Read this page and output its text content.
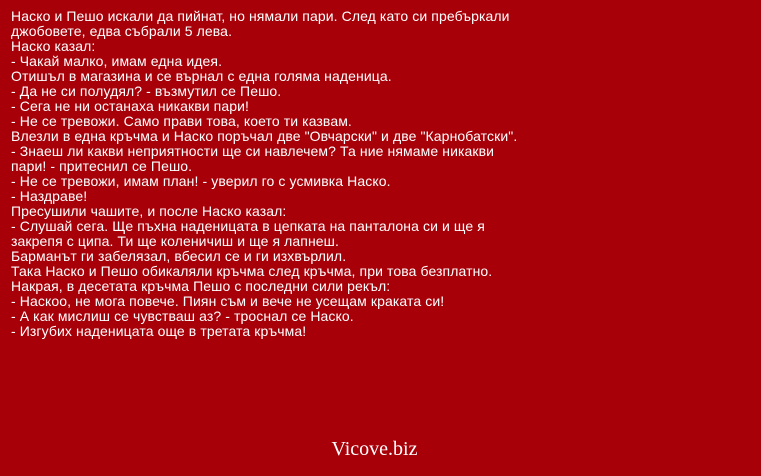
Наско и Пешо искали да пийнат, но нямали пари. След като си пребъркали
джобовете, едва събрали 5 лева.
Наско казал:
- Чакай малко, имам една идея.
Отишъл в магазина и се върнал с една голяма наденица.
- Да не си полудял? - възмутил се Пешо.
- Сега не ни останаха никакви пари!
- Не се тревожи. Само прави това, което ти казвам.
Влезли в една кръчма и Наско поръчал две "Овчарски" и две "Карнобатски".
- Знаеш ли какви неприятности ще си навлечем? Та ние нямаме никакви
пари! - притеснил се Пешо.
- Не се тревожи, имам план! - уверил го с усмивка Наско.
- Наздраве!
Пресушили чашите, и после Наско казал:
- Слушай сега. Ще пъхна наденицата в цепката на панталона си и ще я
закрепя с ципа. Ти ще коленичиш и ще я лапнеш.
Барманът ги забелязал, вбесил се и ги изхвърлил.
Така Наско и Пешо обикаляли кръчма след кръчма, при това безплатно.
Накрая, в десетата кръчма Пешо с последни сили рекъл:
- Наскоо, не мога повече. Пиян съм и вече не усещам краката си!
- А как мислиш се чувстваш аз? - троснал се Наско.
- Изгубих наденицата още в третата кръчма!
Vicove.biz
